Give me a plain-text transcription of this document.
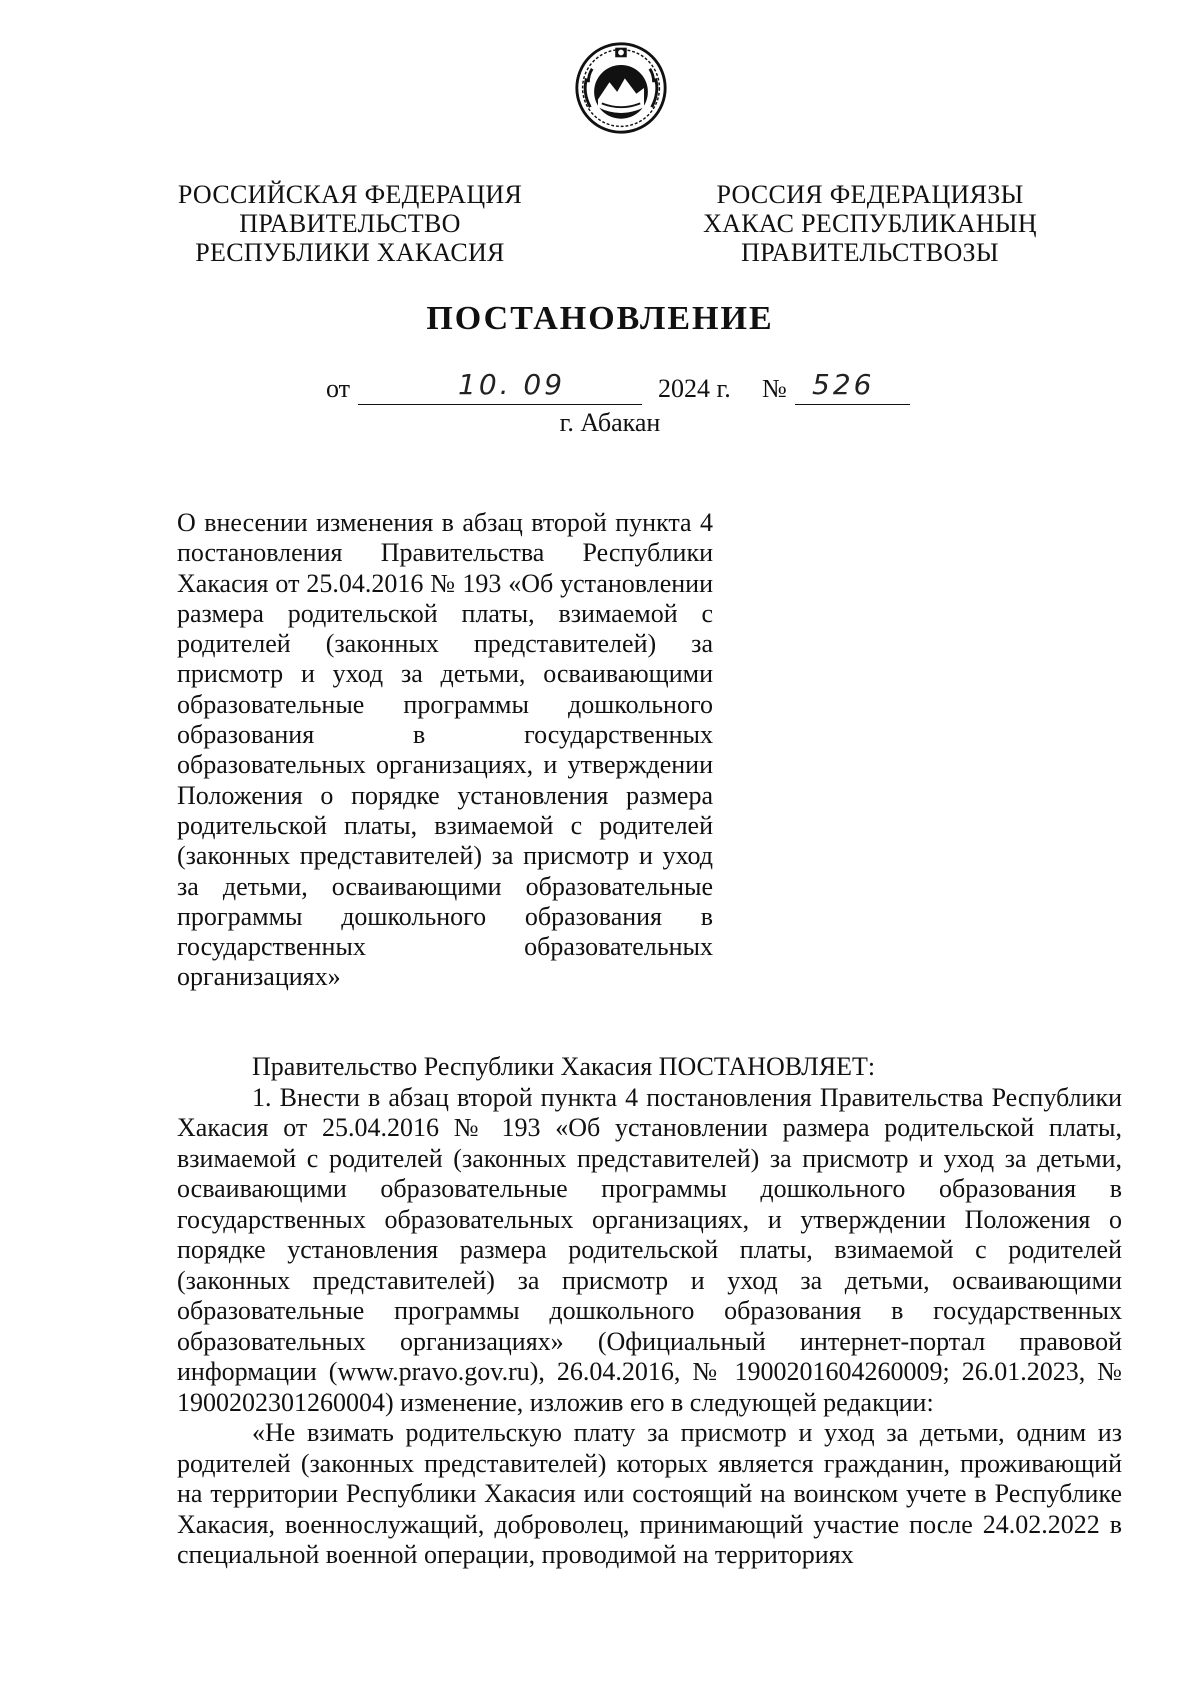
РОССИЙСКАЯ ФЕДЕРАЦИЯ
ПРАВИТЕЛЬСТВО
РЕСПУБЛИКИ ХАКАСИЯ
РОССИЯ ФЕДЕРАЦИЯЗЫ
ХАКАС РЕСПУБЛИКАНЫҢ
ПРАВИТЕЛЬСТВОЗЫ
ПОСТАНОВЛЕНИЕ
от	10. 09	2024 г. № 526
г. Абакан
О внесении изменения в абзац второй пункта 4 постановления Правительства Республики Хакасия от 25.04.2016 № 193 «Об установлении размера родительской платы, взимаемой с родителей (законных представителей) за присмотр и уход за детьми, осваивающими образовательные программы дошкольного образования в государственных образовательных организациях, и утверждении Положения о порядке установления размера родительской платы, взимаемой с родителей (законных представителей) за присмотр и уход за детьми, осваивающими образовательные программы дошкольного образования в государственных образовательных организациях»

Правительство Республики Хакасия ПОСТАНОВЛЯЕТ:

1. Внести в абзац второй пункта 4 постановления Правительства Республики Хакасия от 25.04.2016 № 193 «Об установлении размера родительской платы, взимаемой с родителей (законных представителей) за присмотр и уход за детьми, осваивающими образовательные программы дошкольного образования в государственных образовательных организациях, и утверждении Положения о порядке установления размера родительской платы, взимаемой с родителей (законных представителей) за присмотр и уход за детьми, осваивающими образовательные программы дошкольного образования в государственных образовательных организациях» (Официальный интернет-портал правовой информации (www.pravo.gov.ru), 26.04.2016, № 1900201604260009; 26.01.2023, № 1900202301260004) изменение, изложив его в следующей редакции:

«Не взимать родительскую плату за присмотр и уход за детьми, одним из родителей (законных представителей) которых является гражданин, проживающий на территории Республики Хакасия или состоящий на воинском учете в Республике Хакасия, военнослужащий, доброволец, принимающий участие после 24.02.2022 в специальной военной операции, проводимой на территориях
